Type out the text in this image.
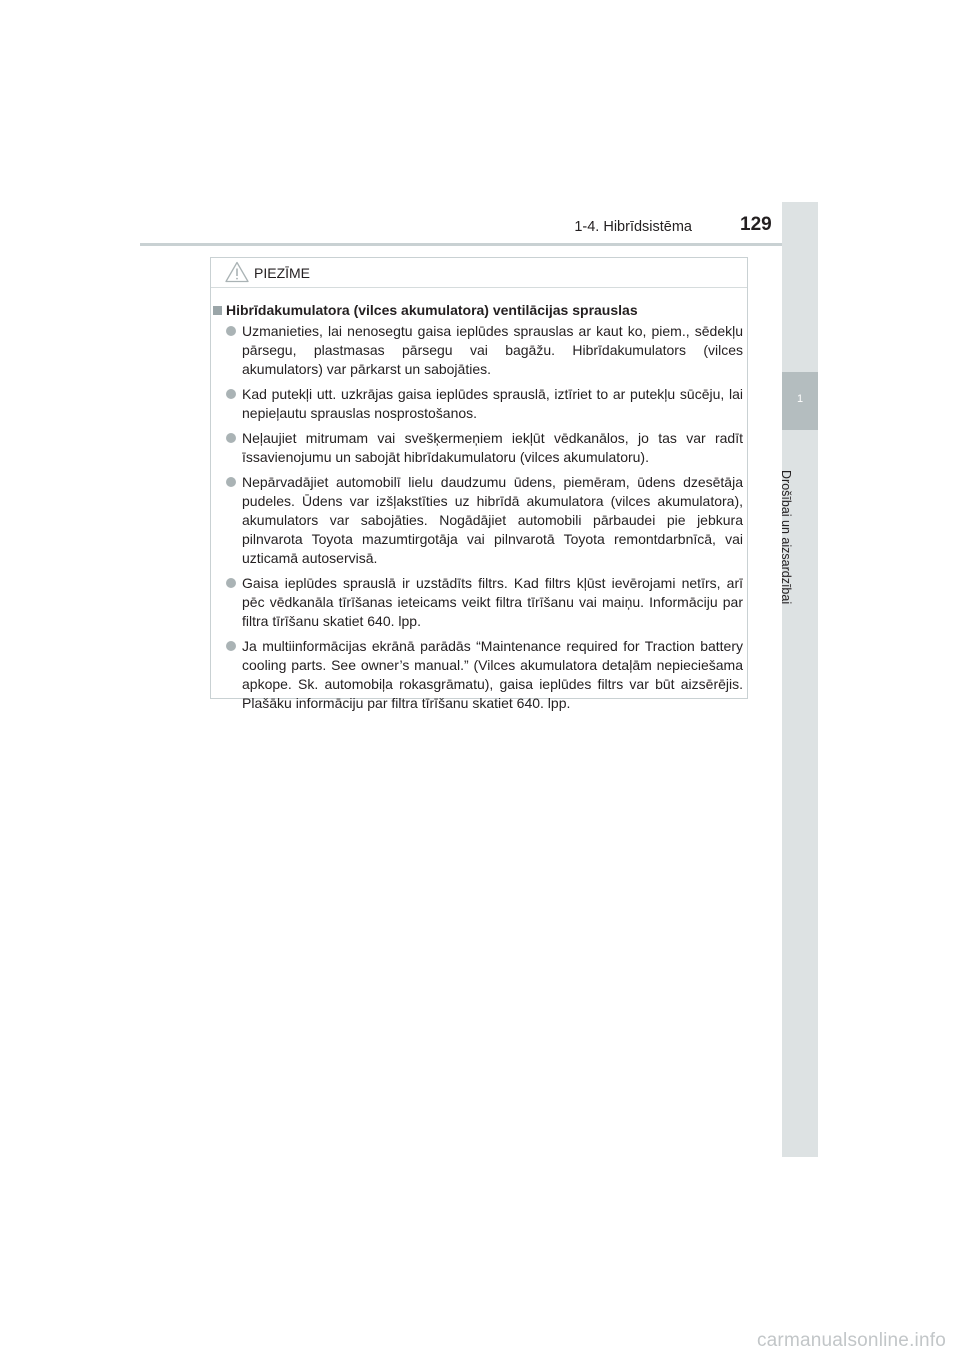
1-4. Hibrīdsistēma	129
1
Drošībai un aizsardzībai
PIEZĪME
Hibrīdakumulatora (vilces akumulatora) ventilācijas sprauslas
Uzmanieties, lai nenosegtu gaisa ieplūdes sprauslas ar kaut ko, piem., sēdekļu pārsegu, plastmasas pārsegu vai bagāžu. Hibrīdakumulators (vilces akumulators) var pārkarst un sabojāties.
Kad putekļi utt. uzkrājas gaisa ieplūdes sprauslā, iztīriet to ar putekļu sūcēju, lai nepieļautu sprauslas nosprostošanos.
Neļaujiet mitrumam vai svešķermeņiem iekļūt vēdkanālos, jo tas var radīt īssavienojumu un sabojāt hibrīdakumulatoru (vilces akumulatoru).
Nepārvadājiet automobilī lielu daudzumu ūdens, piemēram, ūdens dzesētāja pudeles. Ūdens var izšļakstīties uz hibrīdā akumulatora (vilces akumulatora), akumulators var sabojāties. Nogādājiet automobili pārbaudei pie jebkura pilnvarota Toyota mazumtirgotāja vai pilnvarotā Toyota remontdarbnīcā, vai uzticamā autoservisā.
Gaisa ieplūdes sprauslā ir uzstādīts filtrs. Kad filtrs kļūst ievērojami netīrs, arī pēc vēdkanāla tīrīšanas ieteicams veikt filtra tīrīšanu vai maiņu. Informāciju par filtra tīrīšanu skatiet 640. lpp.
Ja multiinformācijas ekrānā parādās “Maintenance required for Traction battery cooling parts. See owner’s manual.” (Vilces akumulatora detaļām nepieciešama apkope. Sk. automobiļa rokasgrāmatu), gaisa ieplūdes filtrs var būt aizsērējis. Plašāku informāciju par filtra tīrīšanu skatiet 640. lpp.
carmanualsonline.info
